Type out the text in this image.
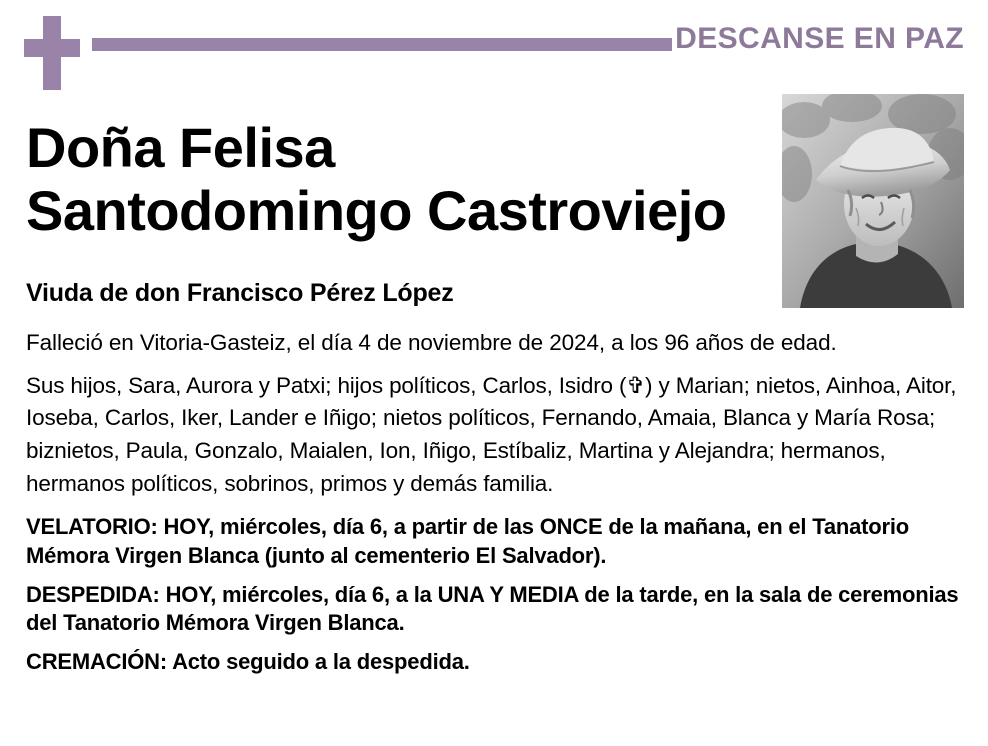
DESCANSE EN PAZ
Doña Felisa
Santodomingo Castroviejo
Viuda de don Francisco Pérez López
Falleció en Vitoria-Gasteiz, el día 4 de noviembre de 2024, a los 96 años de edad.
Sus hijos, Sara, Aurora y Patxi; hijos políticos, Carlos, Isidro (✞) y Marian; nietos, Ainhoa, Aitor, Ioseba, Carlos, Iker, Lander e Iñigo; nietos políticos, Fernando, Amaia, Blanca y María Rosa; biznietos, Paula, Gonzalo, Maialen, Ion, Iñigo, Estíbaliz, Martina y Alejandra; hermanos, hermanos políticos, sobrinos, primos y demás familia.
VELATORIO: HOY, miércoles, día 6, a partir de las ONCE de la mañana, en el Tanatorio Mémora Virgen Blanca (junto al cementerio El Salvador).
DESPEDIDA: HOY, miércoles, día 6, a la UNA Y MEDIA de la tarde, en la sala de ceremonias del Tanatorio Mémora Virgen Blanca.
CREMACIÓN: Acto seguido a la despedida.
